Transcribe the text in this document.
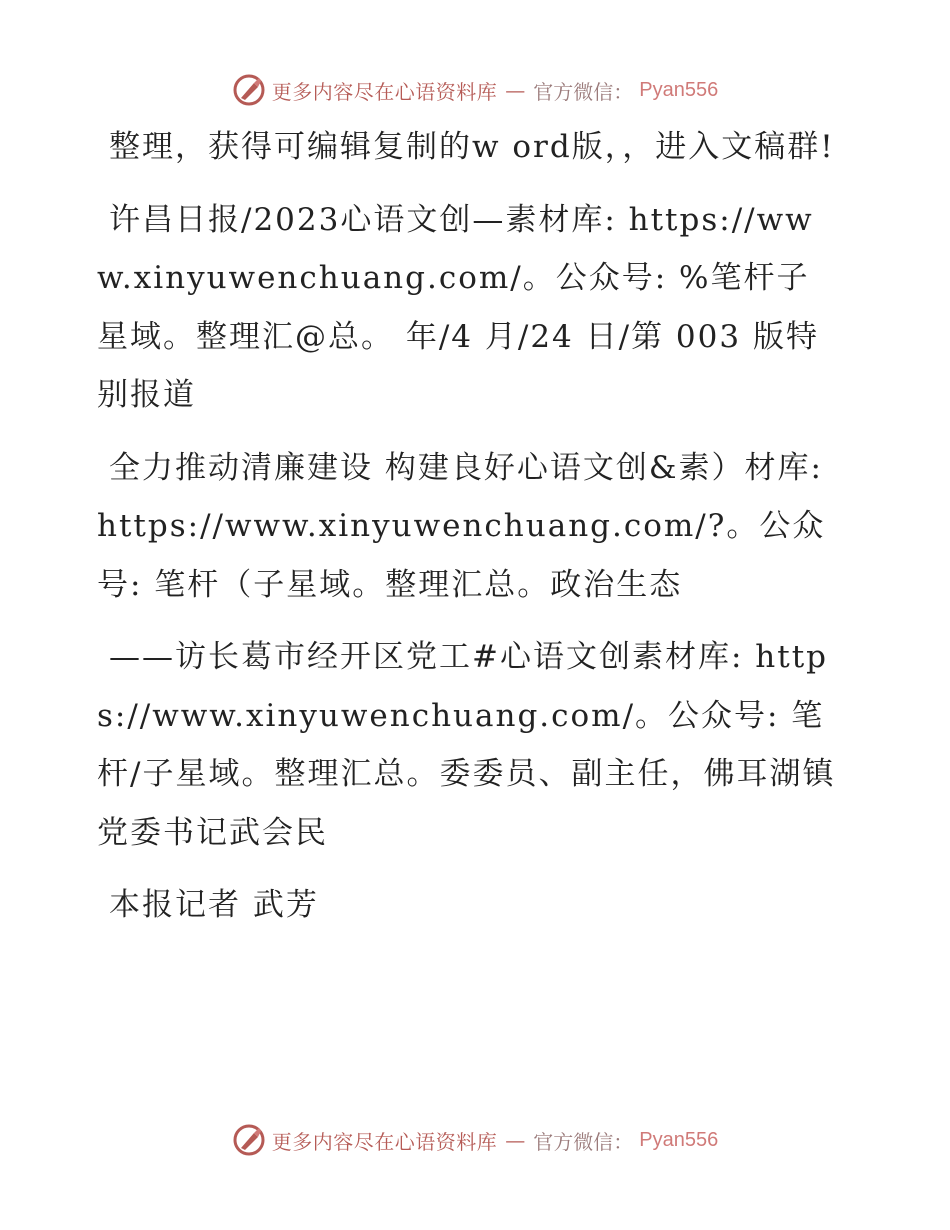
更多内容尽在心语资料库 — 官方微信： Pyan556

整理，获得可编辑复制的w ord版，，进入文稿群!

许昌日报/2023心语文创—素材库: https://www.xinyuwenchuang.com/。公众号: %笔杆子星域。整理汇@总。 年/4 月/24 日/第 003 版特别报道

全力推动清廉建设 构建良好心语文创&素）材库: https://www.xinyuwenchuang.com/?。公众号: 笔杆（子星域。整理汇总。政治生态

——访长葛市经开区党工#心语文创素材库: https://www.xinyuwenchuang.com/。公众号: 笔杆/子星域。整理汇总。委委员、副主任，佛耳湖镇党委书记武会民

本报记者 武芳

更多内容尽在心语资料库 — 官方微信： Pyan556
